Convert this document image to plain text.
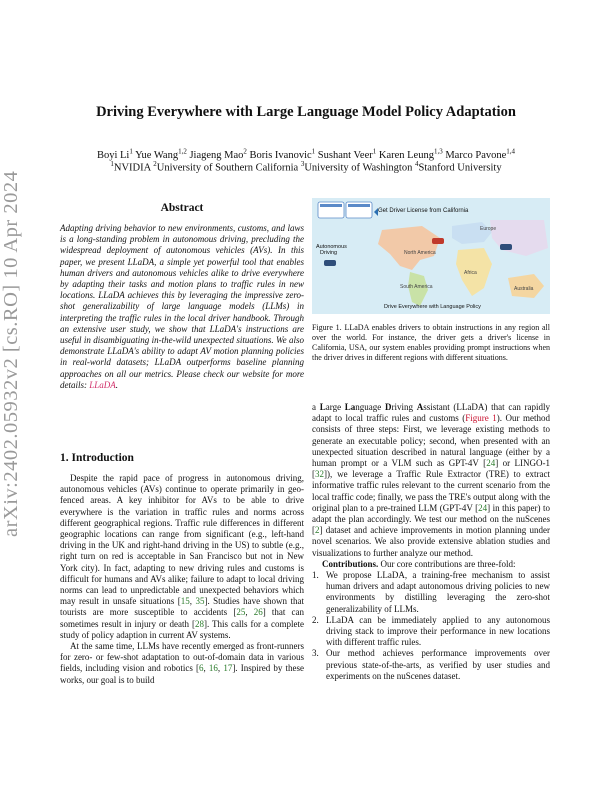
arXiv:2402.05932v2 [cs.RO] 10 Apr 2024
Driving Everywhere with Large Language Model Policy Adaptation
Boyi Li$^1$ Yue Wang$^{1,2}$ Jiageng Mao$^2$ Boris Ivanovic$^1$ Sushant Veer$^1$ Karen Leung$^{1,3}$ Marco Pavone$^{1,4}$
$^1$NVIDIA $^2$University of Southern California $^3$University of Washington $^4$Stanford University
Abstract
Adapting driving behavior to new environments, customs, and laws is a long-standing problem in autonomous driving, precluding the widespread deployment of autonomous vehicles (AVs). In this paper, we present LLaDA, a simple yet powerful tool that enables human drivers and autonomous vehicles alike to drive everywhere by adapting their tasks and motion plans to traffic rules in new locations. LLaDA achieves this by leveraging the impressive zero-shot generalizability of large language models (LLMs) in interpreting the traffic rules in the local driver handbook. Through an extensive user study, we show that LLaDA's instructions are useful in disambiguating in-the-wild unexpected situations. We also demonstrate LLaDA's ability to adapt AV motion planning policies in real-world datasets; LLaDA outperforms baseline planning approaches on all our metrics. Please check our website for more details: LLaDA.
1. Introduction

Despite the rapid pace of progress in autonomous driving, autonomous vehicles (AVs) continue to operate primarily in geo-fenced areas. A key inhibitor for AVs to be able to drive everywhere is the variation in traffic rules and norms across different geographical regions. Traffic rule differences in different geographic locations can range from significant (e.g., left-hand driving in the UK and right-hand driving in the US) to subtle (e.g., right turn on red is acceptable in San Francisco but not in New York city). In fact, adapting to new driving rules and customs is difficult for humans and AVs alike; failure to adapt to local driving norms can lead to unpredictable and unexpected behaviors which may result in unsafe situations [15, 35]. Studies have shown that tourists are more susceptible to accidents [25, 26] that can sometimes result in injury or death [28]. This calls for a complete study of policy adaption in current AV systems.

At the same time, LLMs have recently emerged as front-runners for zero- or few-shot adaptation to out-of-domain data in various fields, including vision and robotics [6, 16, 17]. Inspired by these works, our goal is to build

Get Driver License from California
Autonomous Driving
Europe
North America
South America
Africa
Australia
Drive Everywhere with Language Policy
Figure 1. LLaDA enables drivers to obtain instructions in any region all over the world. For instance, the driver gets a driver's license in California, USA, our system enables providing prompt instructions when the driver drives in different regions with different situations.

a Large Language Driving Assistant (LLaDA) that can rapidly adapt to local traffic rules and customs (Figure 1). Our method consists of three steps: First, we leverage existing methods to generate an executable policy; second, when presented with an unexpected situation described in natural language (either by a human prompt or a VLM such as GPT-4V [24] or LINGO-1 [32]), we leverage a Traffic Rule Extractor (TRE) to extract informative traffic rules relevant to the current scenario from the local traffic code; finally, we pass the TRE's output along with the original plan to a pre-trained LLM (GPT-4V [24] in this paper) to adapt the plan accordingly. We test our method on the nuScenes [2] dataset and achieve improvements in motion planning under novel scenarios. We also provide extensive ablation studies and visualizations to further analyze our method.

Contributions. Our core contributions are three-fold:

1. We propose LLaDA, a training-free mechanism to assist human drivers and adapt autonomous driving policies to new environments by distilling leveraging the zero-shot generalizability of LLMs.
2. LLaDA can be immediately applied to any autonomous driving stack to improve their performance in new locations with different traffic rules.
3. Our method achieves performance improvements over previous state-of-the-arts, as verified by user studies and experiments on the nuScenes dataset.
